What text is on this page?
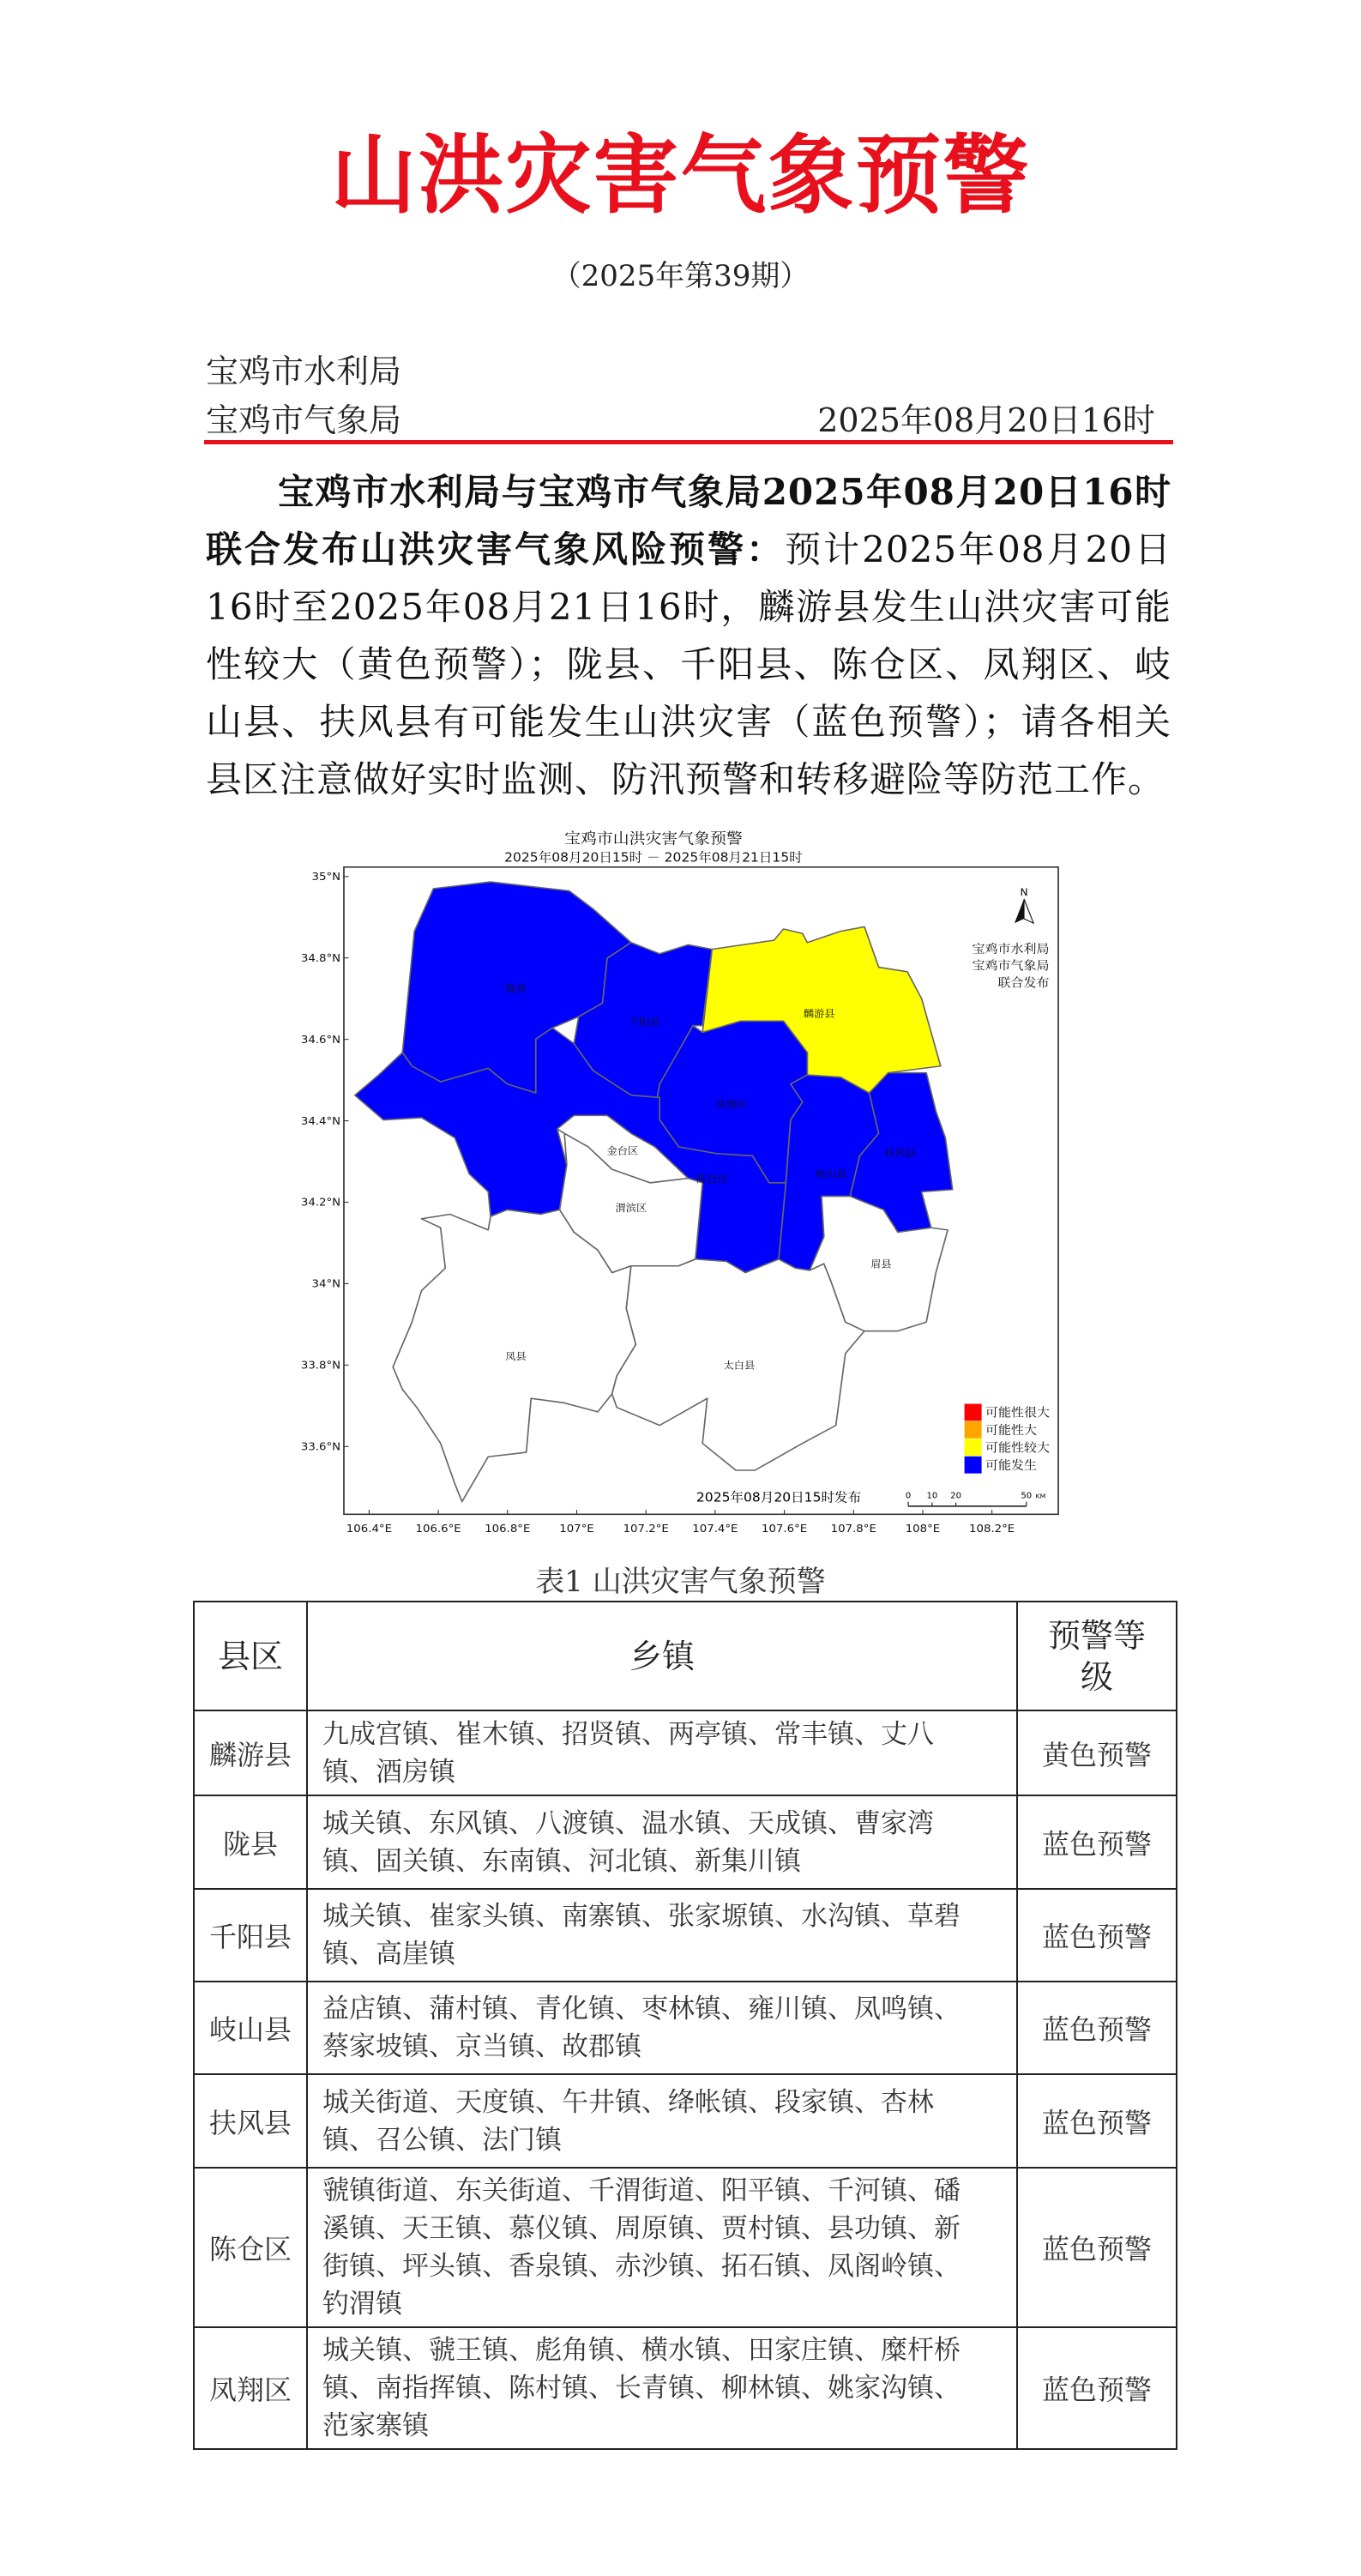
山洪灾害气象预警
（2025年第39期）
宝鸡市水利局
宝鸡市气象局	2025年08月20日16时
宝鸡市水利局与宝鸡市气象局2025年08月20日16时联合发布山洪灾害气象风险预警：预计2025年08月20日16时至2025年08月21日16时，麟游县发生山洪灾害可能性较大（黄色预警）；陇县、千阳县、陈仓区、凤翔区、岐山县、扶风县有可能发生山洪灾害（蓝色预警）；请各相关县区注意做好实时监测、防汛预警和转移避险等防范工作。
宝鸡市山洪灾害气象预警
2025年08月20日15时 － 2025年08月21日15时
陇县
千阳县
麟游县
凤翔区
岐山县
扶风县
陈仓区
金台区
渭滨区
凤县
太白县
眉县
35°N
34.8°N
34.6°N
34.4°N
34.2°N
34°N
33.8°N
33.6°N
106.4°E 106.6°E 106.8°E 107°E 107.2°E 107.4°E 107.6°E 107.8°E 108°E 108.2°E
N
宝鸡市水利局
宝鸡市气象局
联合发布
可能性很大
可能性大
可能性较大
可能发生
2025年08月20日15时发布	0 10 20	50 KM
表1 山洪灾害气象预警
县区	乡镇	预警等级
麟游县	九成宫镇、崔木镇、招贤镇、两亭镇、常丰镇、丈八镇、酒房镇	黄色预警
陇县	城关镇、东风镇、八渡镇、温水镇、天成镇、曹家湾镇、固关镇、东南镇、河北镇、新集川镇	蓝色预警
千阳县	城关镇、崔家头镇、南寨镇、张家塬镇、水沟镇、草碧镇、高崖镇	蓝色预警
岐山县	益店镇、蒲村镇、青化镇、枣林镇、雍川镇、凤鸣镇、蔡家坡镇、京当镇、故郡镇	蓝色预警
扶风县	城关街道、天度镇、午井镇、绛帐镇、段家镇、杏林镇、召公镇、法门镇	蓝色预警
陈仓区	虢镇街道、东关街道、千渭街道、阳平镇、千河镇、磻溪镇、天王镇、慕仪镇、周原镇、贾村镇、县功镇、新街镇、坪头镇、香泉镇、赤沙镇、拓石镇、凤阁岭镇、钓渭镇	蓝色预警
凤翔区	城关镇、虢王镇、彪角镇、横水镇、田家庄镇、糜杆桥镇、南指挥镇、陈村镇、长青镇、柳林镇、姚家沟镇、范家寨镇	蓝色预警
